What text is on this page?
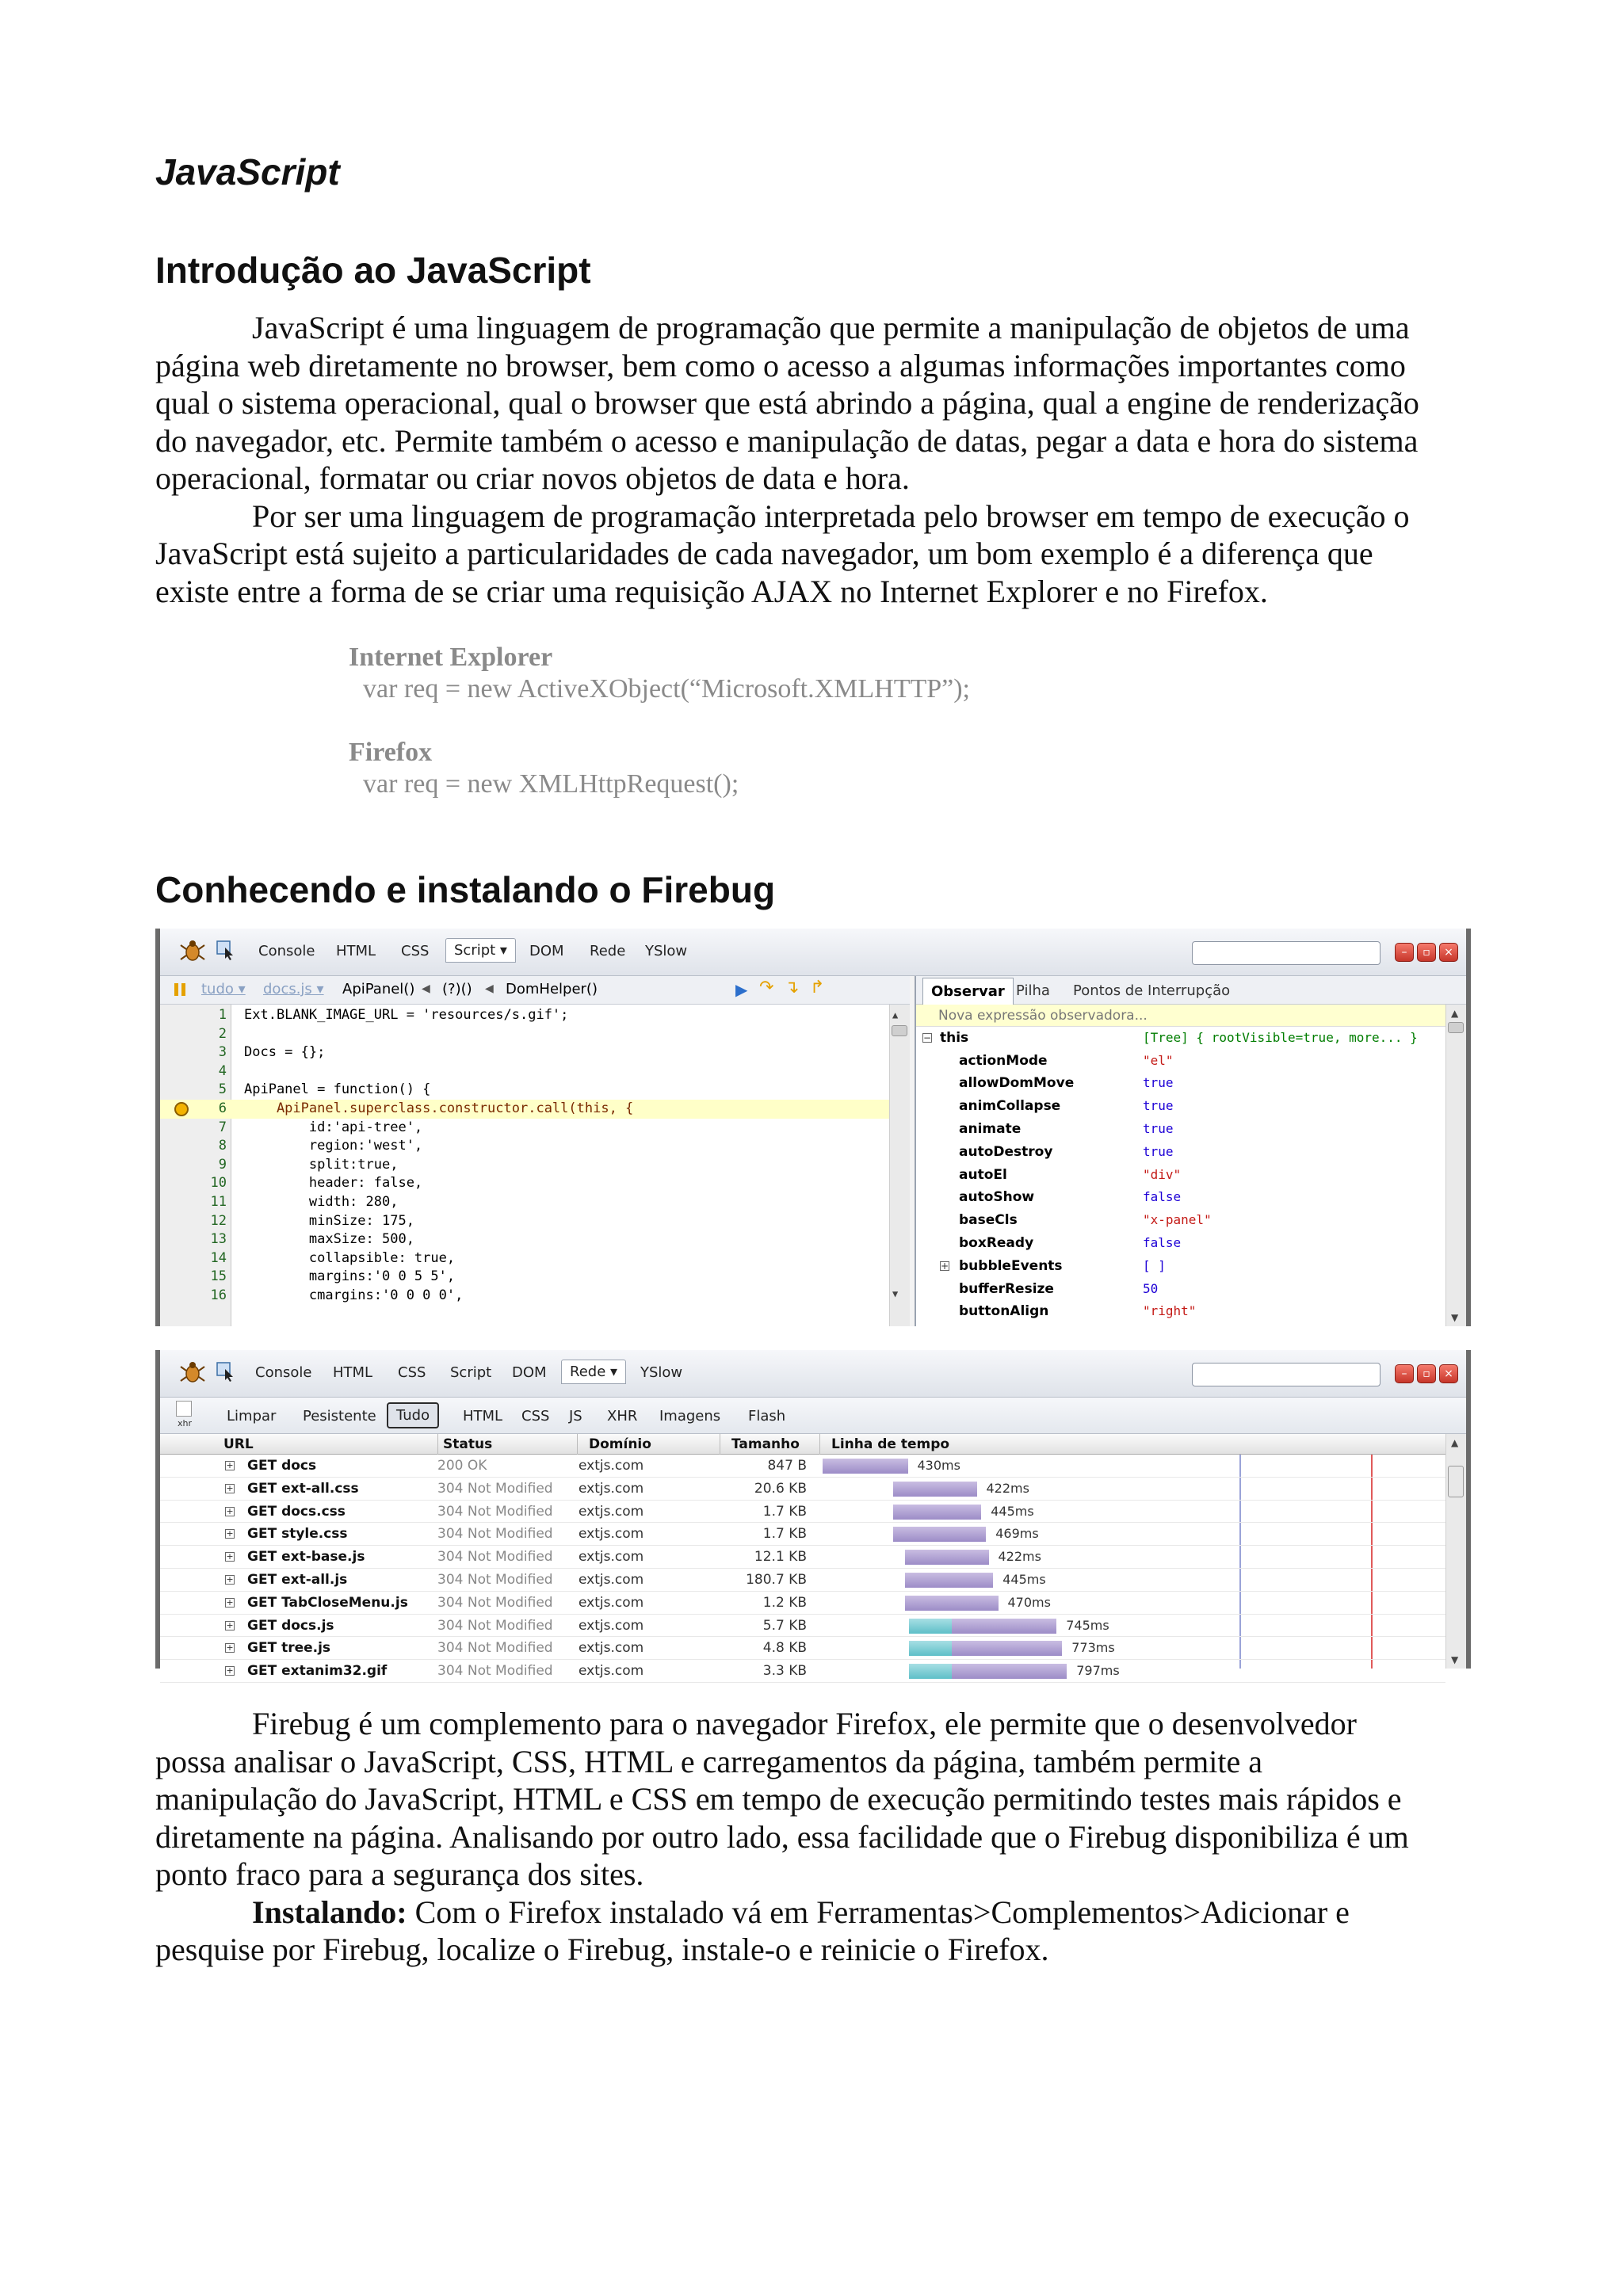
JavaScript
Introdução ao JavaScript
JavaScript é uma linguagem de programação que permite a manipulação de objetos de uma
página web diretamente no browser, bem como o acesso a algumas informações importantes como
qual o sistema operacional, qual o browser que está abrindo a página, qual a engine de renderização
do navegador, etc. Permite também o acesso e manipulação de datas, pegar a data e hora do sistema
operacional, formatar ou criar novos objetos de data e hora.
Por ser uma linguagem de programação interpretada pelo browser em tempo de execução o
JavaScript está sujeito a particularidades de cada navegador, um bom exemplo é a diferença que
existe entre a forma de se criar uma requisição AJAX no Internet Explorer e no Firefox.
Internet Explorer
var req = new ActiveXObject(“Microsoft.XMLHTTP”);
Firefox
var req = new XMLHttpRequest();
Conhecendo e instalando o Firebug
Console HTML CSS	Script ▾	DOM Rede YSlow	–	▫	×
tudo ▾ docs.js ▾ ApiPanel() ◀ (?)() ◀ DomHelper()	▶ ↷ ↴ ↱
1 Ext.BLANK_IMAGE_URL = 'resources/s.gif';
2
3 Docs = {};
4
5 ApiPanel = function() {
6 ApiPanel.superclass.constructor.call(this, {
7 id:'api-tree',
8 region:'west',
9 split:true,
10 header: false,
11 width: 280,
12 minSize: 175,
13 maxSize: 500,
14 collapsible: true,
15 margins:'0 0 5 5',
16 cmargins:'0 0 0 0',
▲
▼
Observar Pilha Pontos de Interrupção
Nova expressão observadora...
− this	[Tree] { rootVisible=true, more... }
actionMode	"el"
allowDomMove	true
animCollapse	true
animate	true
autoDestroy	true
autoEl	"div"
autoShow	false
baseCls	"x-panel"
boxReady	false
+ bubbleEvents	[ ]
bufferResize	50
buttonAlign	"right"
▲
▼
Console HTML CSS Script DOM	Rede ▾	YSlow	–	▫	×
xhr Limpar Pesistente	Tudo	HTML CSS JS XHR Imagens Flash
URL	Status	Domínio	Tamanho	Linha de tempo
+ GET docs	200 OK	extjs.com	847 B	430ms
+ GET ext-all.css	304 Not Modified extjs.com	20.6 KB	422ms
+ GET docs.css	304 Not Modified extjs.com	1.7 KB	445ms
+ GET style.css	304 Not Modified extjs.com	1.7 KB	469ms
+ GET ext-base.js	304 Not Modified extjs.com	12.1 KB	422ms
+ GET ext-all.js	304 Not Modified extjs.com	180.7 KB	445ms
+ GET TabCloseMenu.js 304 Not Modified extjs.com	1.2 KB	470ms
+ GET docs.js	304 Not Modified extjs.com	5.7 KB	745ms
+ GET tree.js	304 Not Modified extjs.com	4.8 KB	773ms
+ GET extanim32.gif	304 Not Modified extjs.com	3.3 KB	797ms
▲
▼
Firebug é um complemento para o navegador Firefox, ele permite que o desenvolvedor
possa analisar o JavaScript, CSS, HTML e carregamentos da página, também permite a
manipulação do JavaScript, HTML e CSS em tempo de execução permitindo testes mais rápidos e
diretamente na página. Analisando por outro lado, essa facilidade que o Firebug disponibiliza é um
ponto fraco para a segurança dos sites.
Instalando: Com o Firefox instalado vá em Ferramentas>Complementos>Adicionar e
pesquise por Firebug, localize o Firebug, instale-o e reinicie o Firefox.
